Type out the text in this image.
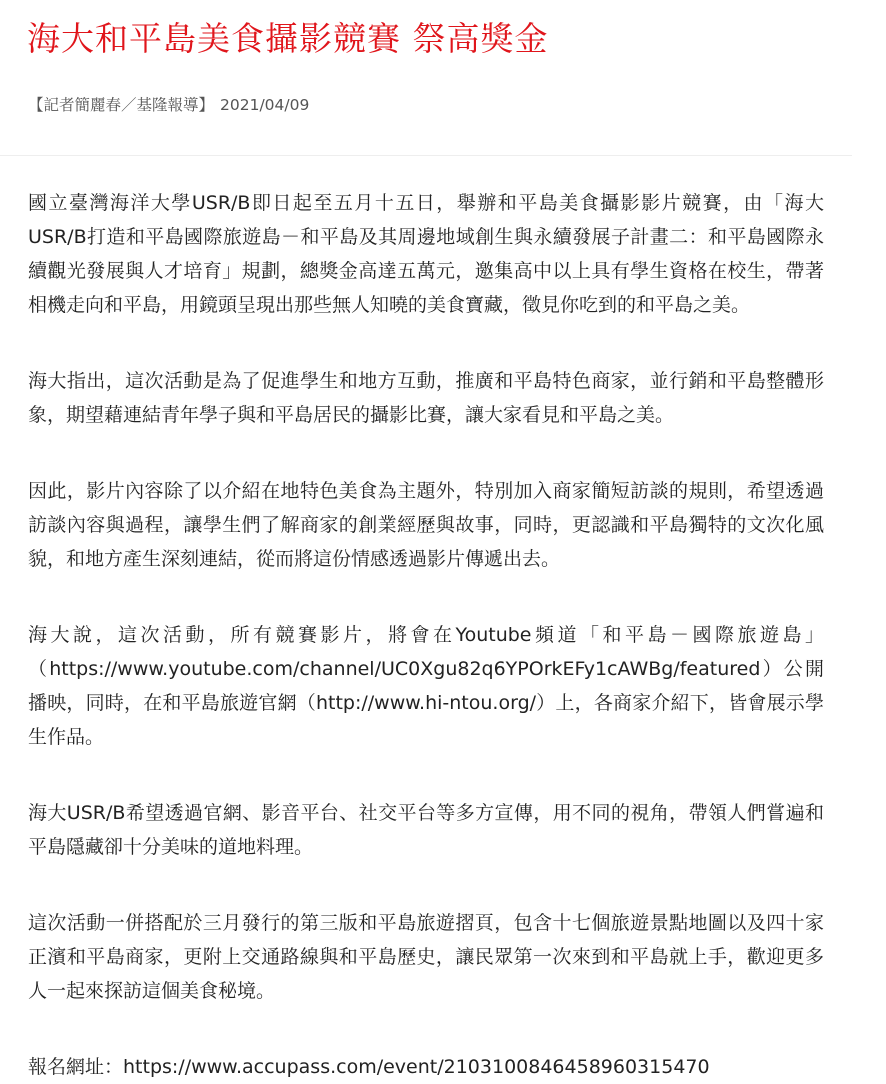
海大和平島美食攝影競賽 祭高獎金
【記者簡麗春／基隆報導】 2021/04/09

國立臺灣海洋大學USR/B即日起至五月十五日，舉辦和平島美食攝影影片競賽，由「海大USR/B打造和平島國際旅遊島－和平島及其周邊地域創生與永續發展子計畫二：和平島國際永續觀光發展與人才培育」規劃，總獎金高達五萬元，邀集高中以上具有學生資格在校生，帶著相機走向和平島，用鏡頭呈現出那些無人知曉的美食寶藏，徵見你吃到的和平島之美。

海大指出，這次活動是為了促進學生和地方互動，推廣和平島特色商家，並行銷和平島整體形象，期望藉連結青年學子與和平島居民的攝影比賽，讓大家看見和平島之美。

因此，影片內容除了以介紹在地特色美食為主題外，特別加入商家簡短訪談的規則，希望透過訪談內容與過程，讓學生們了解商家的創業經歷與故事，同時，更認識和平島獨特的文次化風貌，和地方產生深刻連結，從而將這份情感透過影片傳遞出去。

海大說，這次活動，所有競賽影片，將會在Youtube頻道「和平島－國際旅遊島」（https://www.youtube.com/channel/UC0Xgu82q6YPOrkEFy1cAWBg/featured）公開播映，同時，在和平島旅遊官網（http://www.hi-ntou.org/）上，各商家介紹下，皆會展示學生作品。

海大USR/B希望透過官網、影音平台、社交平台等多方宣傳，用不同的視角，帶領人們嘗遍和平島隱藏卻十分美味的道地料理。

這次活動一併搭配於三月發行的第三版和平島旅遊摺頁，包含十七個旅遊景點地圖以及四十家正濱和平島商家，更附上交通路線與和平島歷史，讓民眾第一次來到和平島就上手，歡迎更多人一起來探訪這個美食秘境。

報名網址：https://www.accupass.com/event/2103100846458960315470
